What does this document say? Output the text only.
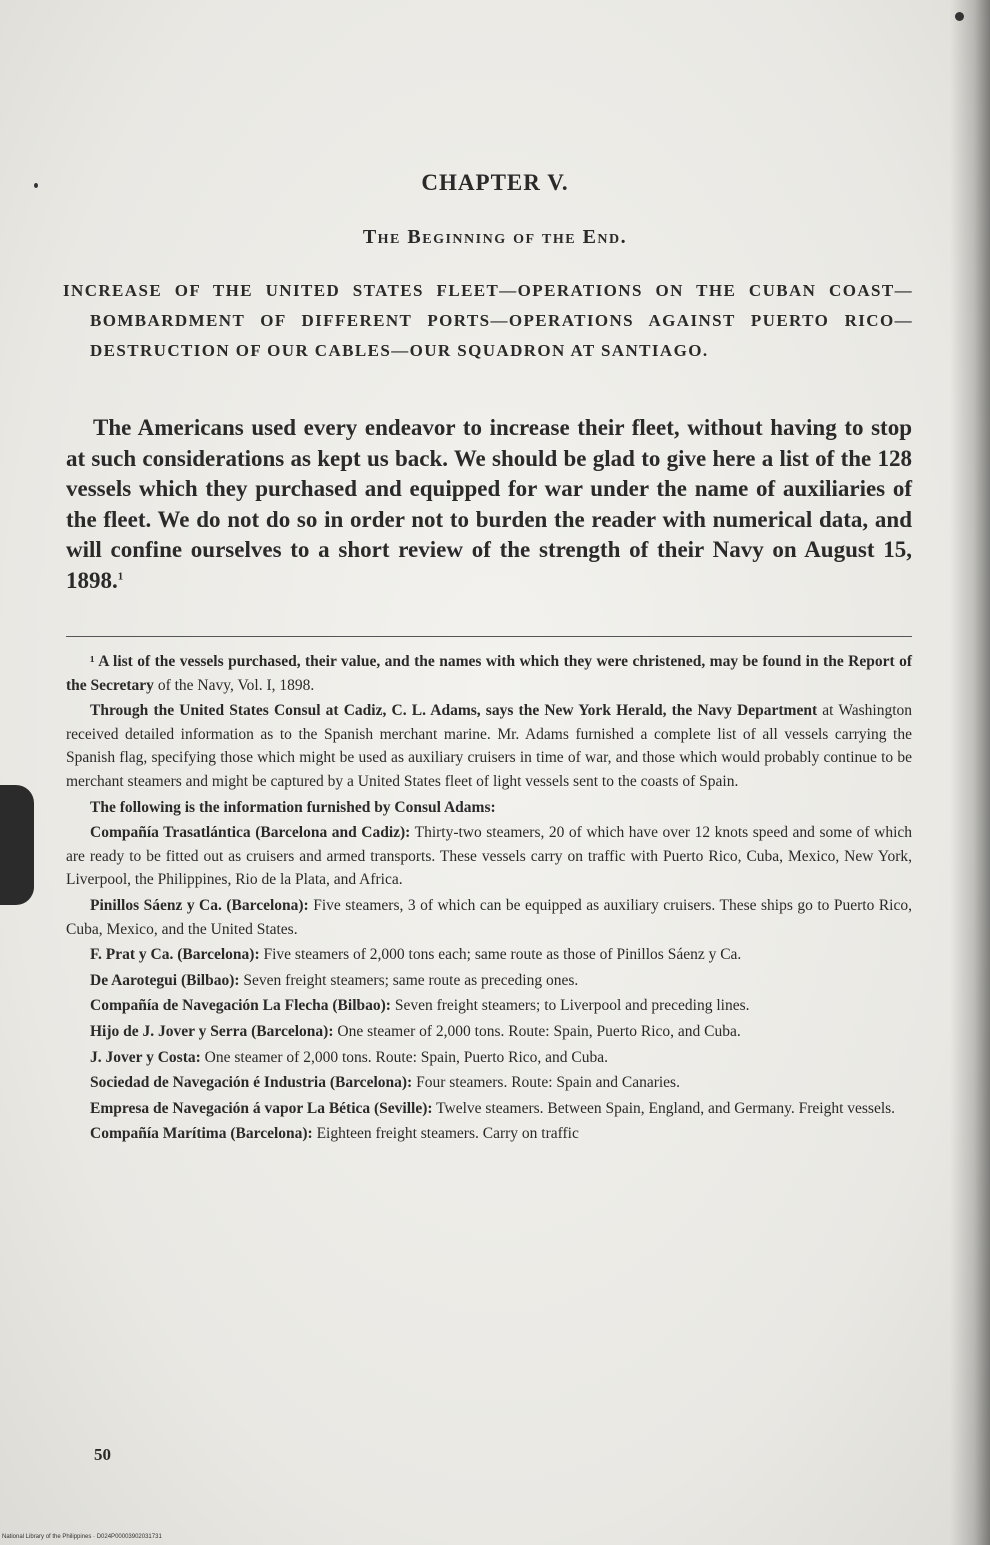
CHAPTER V.
The Beginning of the End.
INCREASE OF THE UNITED STATES FLEET—OPERATIONS ON THE CUBAN COAST—BOMBARDMENT OF DIFFERENT PORTS—OPERATIONS AGAINST PUERTO RICO—DESTRUCTION OF OUR CABLES—OUR SQUADRON AT SANTIAGO.

The Americans used every endeavor to increase their fleet, without having to stop at such considerations as kept us back. We should be glad to give here a list of the 128 vessels which they purchased and equipped for war under the name of auxiliaries of the fleet. We do not do so in order not to burden the reader with numerical data, and will confine ourselves to a short review of the strength of their Navy on August 15, 1898.$^1$

¹ A list of the vessels purchased, their value, and the names with which they were christened, may be found in the Report of the Secretary of the Navy, Vol. I, 1898.

Through the United States Consul at Cadiz, C. L. Adams, says the New York Herald, the Navy Department at Washington received detailed information as to the Spanish merchant marine. Mr. Adams furnished a complete list of all vessels carrying the Spanish flag, specifying those which might be used as auxiliary cruisers in time of war, and those which would probably continue to be merchant steamers and might be captured by a United States fleet of light vessels sent to the coasts of Spain.

The following is the information furnished by Consul Adams:

Compañía Trasatlántica (Barcelona and Cadiz): Thirty-two steamers, 20 of which have over 12 knots speed and some of which are ready to be fitted out as cruisers and armed transports. These vessels carry on traffic with Puerto Rico, Cuba, Mexico, New York, Liverpool, the Philippines, Rio de la Plata, and Africa.

Pinillos Sáenz y Ca. (Barcelona): Five steamers, 3 of which can be equipped as auxiliary cruisers. These ships go to Puerto Rico, Cuba, Mexico, and the United States.

F. Prat y Ca. (Barcelona): Five steamers of 2,000 tons each; same route as those of Pinillos Sáenz y Ca.

De Aarotegui (Bilbao): Seven freight steamers; same route as preceding ones.

Compañía de Navegación La Flecha (Bilbao): Seven freight steamers; to Liverpool and preceding lines.

Hijo de J. Jover y Serra (Barcelona): One steamer of 2,000 tons. Route: Spain, Puerto Rico, and Cuba.

J. Jover y Costa: One steamer of 2,000 tons. Route: Spain, Puerto Rico, and Cuba.

Sociedad de Navegación é Industria (Barcelona): Four steamers. Route: Spain and Canaries.

Empresa de Navegación á vapor La Bética (Seville): Twelve steamers. Between Spain, England, and Germany. Freight vessels.

Compañía Marítima (Barcelona): Eighteen freight steamers. Carry on traffic

50
National Library of the Philippines · D024P00003902031731
